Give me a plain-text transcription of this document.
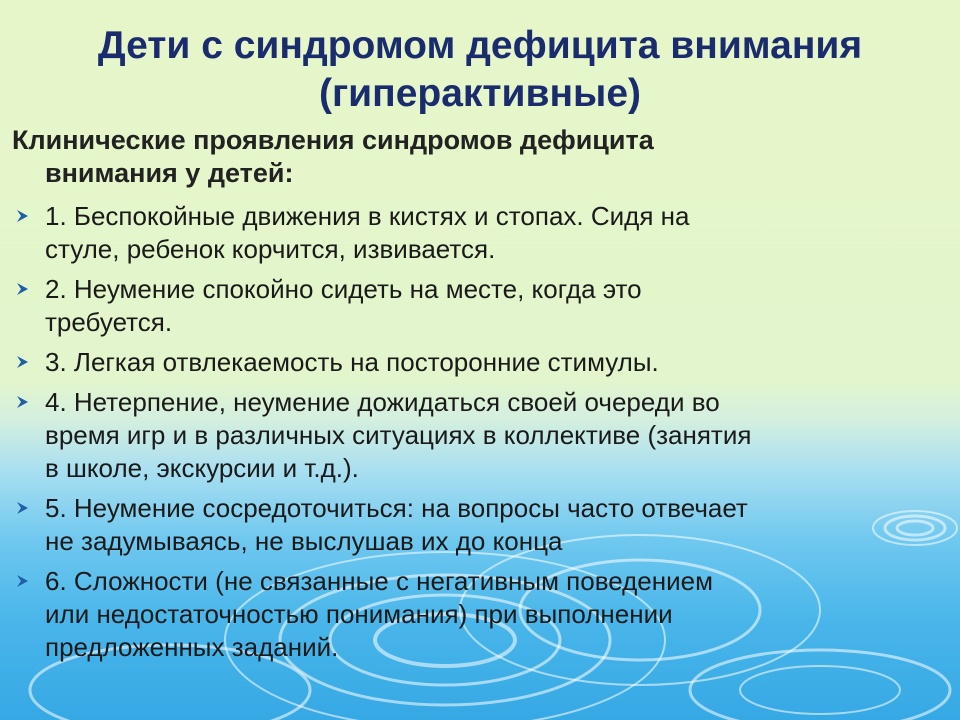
Дети с синдромом дефицита внимания
(гиперактивные)

Клинические проявления синдромов дефицита
внимания у детей:

1. Беспокойные движения в кистях и стопах. Сидя на
стуле, ребенок корчится, извивается.
2. Неумение спокойно сидеть на месте, когда это
требуется.
3. Легкая отвлекаемость на посторонние стимулы.
4. Нетерпение, неумение дожидаться своей очереди во
время игр и в различных ситуациях в коллективе (занятия
в школе, экскурсии и т.д.).
5. Неумение сосредоточиться: на вопросы часто отвечает
не задумываясь, не выслушав их до конца
6. Сложности (не связанные с негативным поведением
или недостаточностью понимания) при выполнении
предложенных заданий.
